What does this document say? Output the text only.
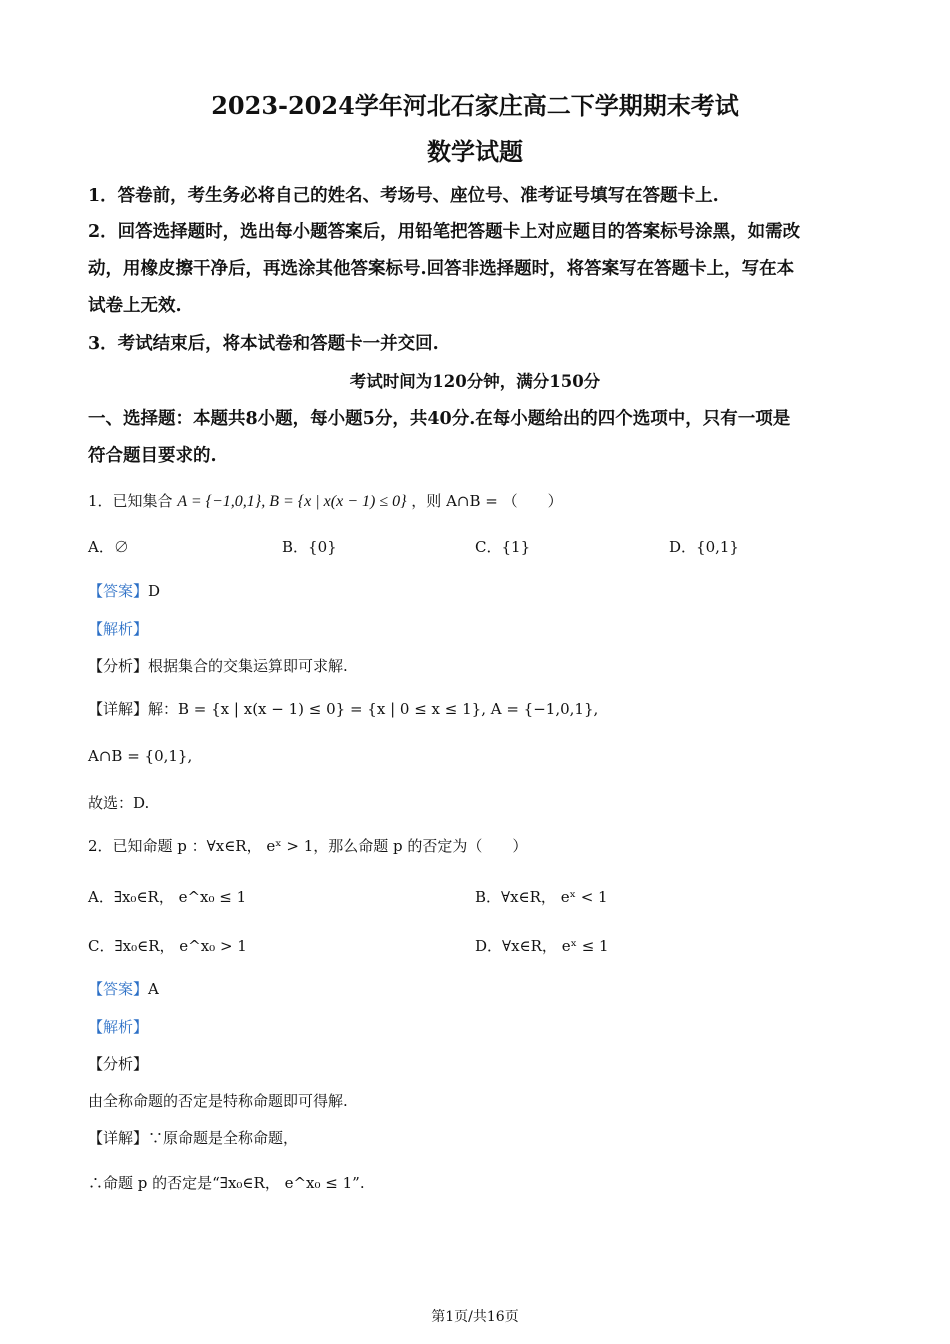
2023-2024学年河北石家庄高二下学期期末考试
数学试题
1．答卷前，考生务必将自己的姓名、考场号、座位号、准考证号填写在答题卡上.
2．回答选择题时，选出每小题答案后，用铅笔把答题卡上对应题目的答案标号涂黑，如需改
动，用橡皮擦干净后，再选涂其他答案标号.回答非选择题时，将答案写在答题卡上，写在本
试卷上无效.
3．考试结束后，将本试卷和答题卡一并交回.
考试时间为120分钟，满分150分
一、选择题：本题共8小题，每小题5分，共40分.在每小题给出的四个选项中，只有一项是
符合题目要求的.
1．已知集合 A = {−1,0,1}, B = {x | x(x − 1) ≤ 0} ，则 A∩B = （　　）
A．∅	B．{0}	C．{1}	D．{0,1}
【答案】D
【解析】
【分析】根据集合的交集运算即可求解.
【详解】解：B = {x | x(x − 1) ≤ 0} = {x | 0 ≤ x ≤ 1}, A = {−1,0,1},
A∩B = {0,1},
故选：D.
2．已知命题 p ：∀x∈R， eˣ > 1，那么命题 p 的否定为（　　）
A．∃x₀∈R， e^x₀ ≤ 1	B．∀x∈R， eˣ < 1
C．∃x₀∈R， e^x₀ > 1	D．∀x∈R， eˣ ≤ 1
【答案】A
【解析】
【分析】
由全称命题的否定是特称命题即可得解.
【详解】∵原命题是全称命题，
∴命题 p 的否定是“∃x₀∈R， e^x₀ ≤ 1”.
第1页/共16页
